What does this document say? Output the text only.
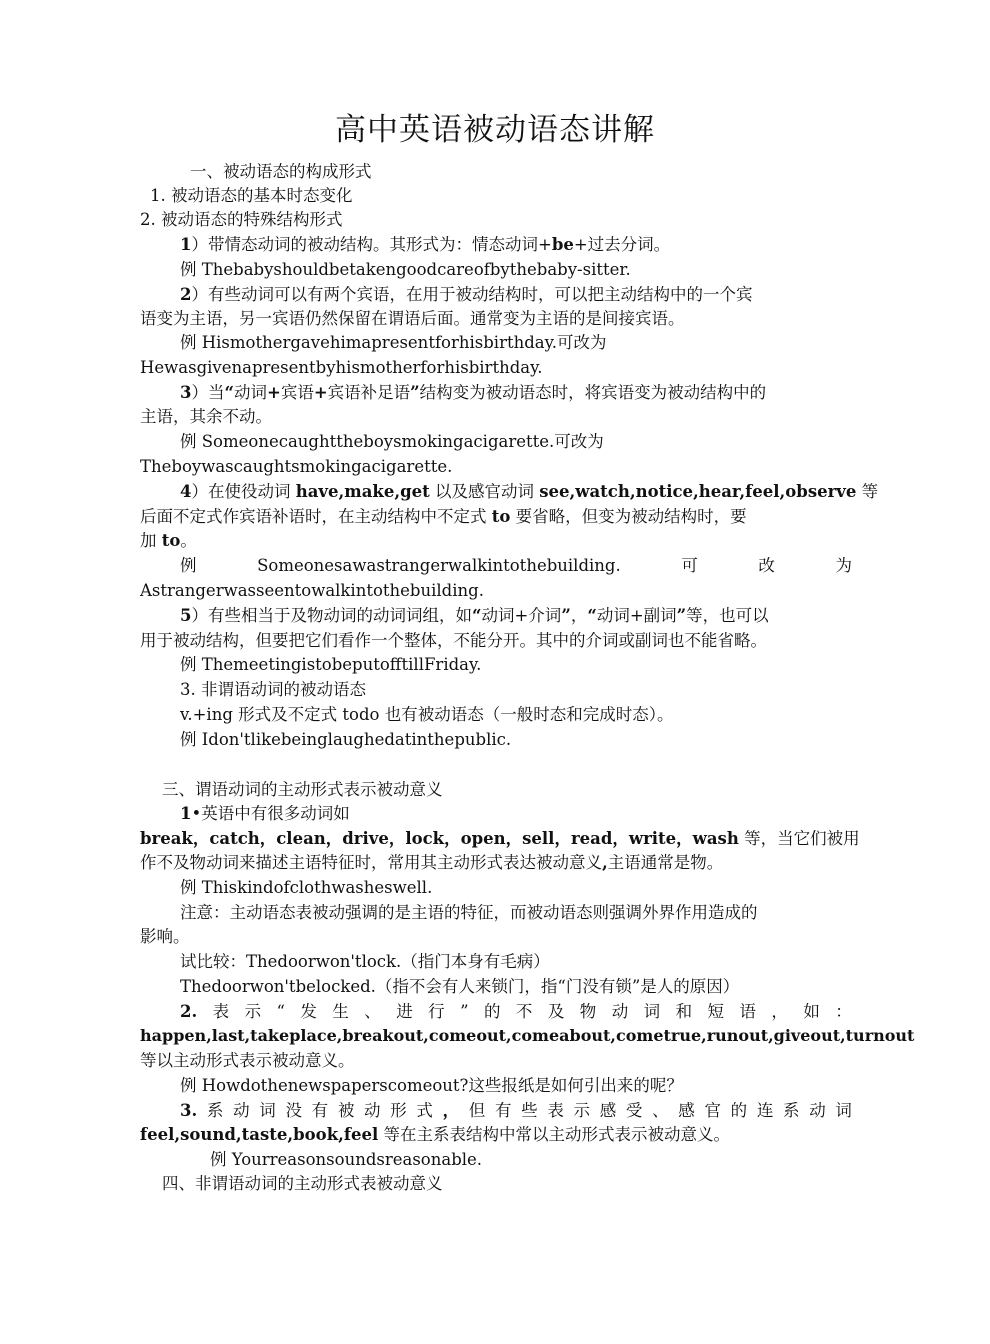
高中英语被动语态讲解
一、被动语态的构成形式
1. 被动语态的基本时态变化
2. 被动语态的特殊结构形式
1）带情态动词的被动结构。其形式为：情态动词+be+过去分词。
例 Thebabyshouldbetakengoodcareofbythebaby-sitter.
2）有些动词可以有两个宾语，在用于被动结构时，可以把主动结构中的一个宾
语变为主语，另一宾语仍然保留在谓语后面。通常变为主语的是间接宾语。
例 Hismothergavehimapresentforhisbirthday.可改为
Hewasgivenapresentbyhismotherforhisbirthday.
3）当“动词+宾语+宾语补足语”结构变为被动语态时，将宾语变为被动结构中的
主语，其余不动。
例 Someonecaughttheboysmokingacigarette.可改为
Theboywascaughtsmokingacigarette.
4）在使役动词 have,make,get 以及感官动词 see,watch,notice,hear,feel,observe 等
后面不定式作宾语补语时，在主动结构中不定式 to 要省略，但变为被动结构时，要
加 to。
例	Someonesawastrangerwalkintothebuilding.	可	改	为
Astrangerwasseentowalkintothebuilding.
5）有些相当于及物动词的动词词组，如“动词+介词”，“动词+副词”等，也可以
用于被动结构，但要把它们看作一个整体，不能分开。其中的介词或副词也不能省略。
例 ThemeetingistobeputofftillFriday.
3. 非谓语动词的被动语态
v.+ing 形式及不定式 todo 也有被动语态（一般时态和完成时态）。
例 Idon'tlikebeinglaughedatinthepublic.
三、谓语动词的主动形式表示被动意义
1•英语中有很多动词如
break，catch，clean，drive，lock，open，sell，read，write，wash 等，当它们被用
作不及物动词来描述主语特征时，常用其主动形式表达被动意义,主语通常是物。
例 Thiskindofclothwasheswell.
注意：主动语态表被动强调的是主语的特征，而被动语态则强调外界作用造成的
影响。
试比较：Thedoorwon'tlock.（指门本身有毛病）
Thedoorwon'tbelocked.（指不会有人来锁门，指“门没有锁”是人的原因）
2. 表 示 “ 发 生 、 进 行 ” 的 不 及 物 动 词 和 短 语 ， 如 ：
happen,last,takeplace,breakout,comeout,comeabout,cometrue,runout,giveout,turnout
等以主动形式表示被动意义。
例 Howdothenewspaperscomeout?这些报纸是如何引出来的呢？
3. 系 动 词 没 有 被 动 形 式 ， 但 有 些 表 示 感 受 、 感 官 的 连 系 动 词
feel,sound,taste,book,feel 等在主系表结构中常以主动形式表示被动意义。
例 Yourreasonsoundsreasonable.
四、非谓语动词的主动形式表被动意义
